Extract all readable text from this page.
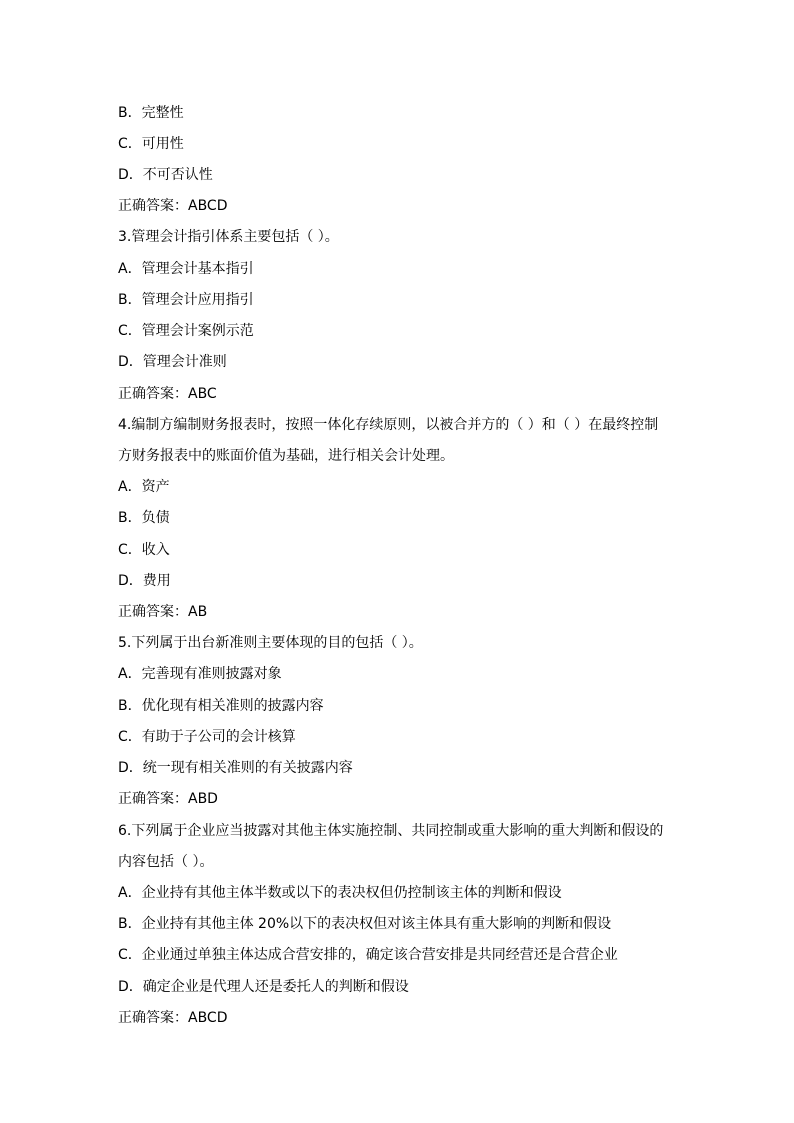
B．完整性
C．可用性
D．不可否认性
正确答案：ABCD
3.管理会计指引体系主要包括（ ）。
A．管理会计基本指引
B．管理会计应用指引
C．管理会计案例示范
D．管理会计准则
正确答案：ABC
4.编制方编制财务报表时，按照一体化存续原则，以被合并方的（ ）和（ ）在最终控制
方财务报表中的账面价值为基础，进行相关会计处理。
A．资产
B．负债
C．收入
D．费用
正确答案：AB
5.下列属于出台新准则主要体现的目的包括（ ）。
A．完善现有准则披露对象
B．优化现有相关准则的披露内容
C．有助于子公司的会计核算
D．统一现有相关准则的有关披露内容
正确答案：ABD
6.下列属于企业应当披露对其他主体实施控制、共同控制或重大影响的重大判断和假设的
内容包括（ ）。
A．企业持有其他主体半数或以下的表决权但仍控制该主体的判断和假设
B．企业持有其他主体 20%以下的表决权但对该主体具有重大影响的判断和假设
C．企业通过单独主体达成合营安排的，确定该合营安排是共同经营还是合营企业
D．确定企业是代理人还是委托人的判断和假设
正确答案：ABCD
